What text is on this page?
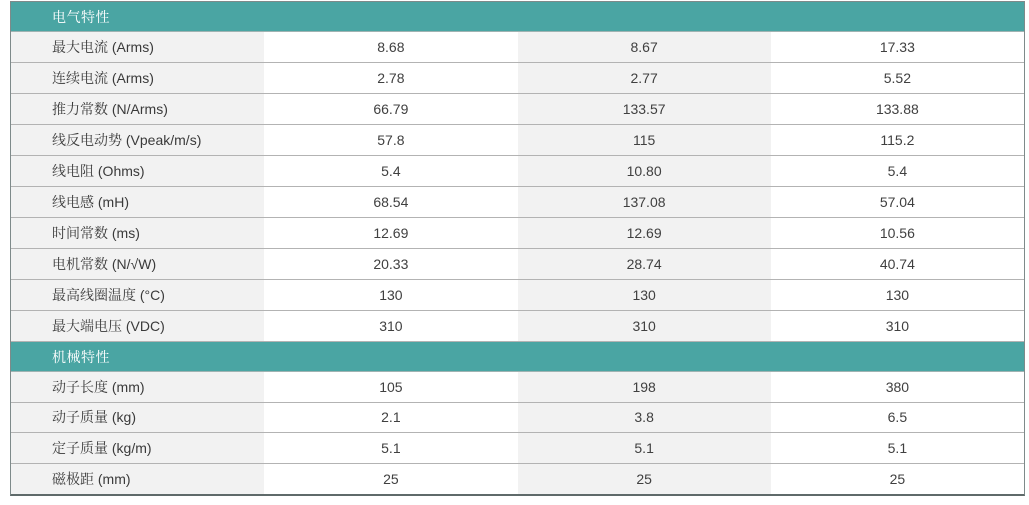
电气特性
最大电流 (Arms)	8.68	8.67	17.33
连续电流 (Arms)	2.78	2.77	5.52
推力常数 (N/Arms)	66.79	133.57	133.88
线反电动势 (Vpeak/m/s)	57.8	115	115.2
线电阻 (Ohms)	5.4	10.80	5.4
线电感 (mH)	68.54	137.08	57.04
时间常数 (ms)	12.69	12.69	10.56
电机常数 (N/√W)	20.33	28.74	40.74
最高线圈温度 (°C)	130	130	130
最大端电压 (VDC)	310	310	310
机械特性
动子长度 (mm)	105	198	380
动子质量 (kg)	2.1	3.8	6.5
定子质量 (kg/m)	5.1	5.1	5.1
磁极距 (mm)	25	25	25
